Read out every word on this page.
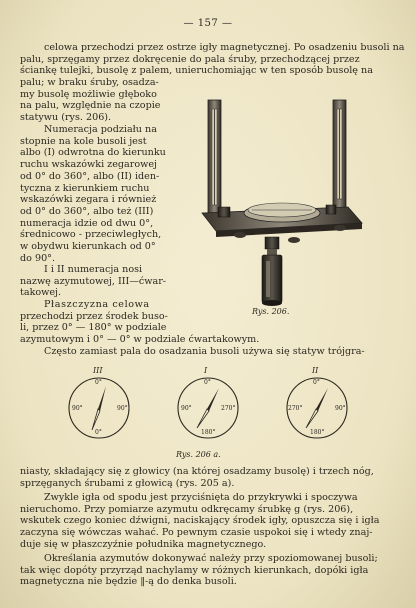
— 157 —

celowa przechodzi przez ostrze igły magnetycznej. Po osadzeniu busoli na

palu, sprzęgamy przez dokręcenie do pala śruby, przechodzącej przez

ściankę tulejki, busolę z palem, unieruchomiając w ten sposób busolę na

palu; w braku śruby, osadza-

my busolę możliwie głęboko

na palu, względnie na czopie

statywu (rys. 206).

Numeracja podziału na

stopnie na kole busoli jest

albo (I) odwrotna do kierunku

ruchu wskazówki zegarowej

od 0° do 360°, albo (II) iden-

tyczna z kierunkiem ruchu

wskazówki zegara i również

od 0° do 360°, albo też (III)

numeracja idzie od dwu 0°,

średnicowo - przeciwległych,

w obydwu kierunkach od 0°

do 90°.

I i II numeracja nosi

nazwę azymutowej, III—ćwar-

takowej.

Płaszczyzna celowa

przechodzi przez środek buso-

li, przez 0° — 180° w podziale

azymutowym i 0° — 0° w podziale ćwartakowym.

Często zamiast pala do osadzania busoli używa się statyw trójgra-
Rys. 206.
III
0°
90°	90°
0°
I
0°
90°	270°
180°
II
0°
270°	90°
180°
Rys. 206 a.

niasty, składający się z głowicy (na której osadzamy busolę) i trzech nóg,

sprzęganych śrubami z głowicą (rys. 205 a).

Zwykle igła od spodu jest przyciśnięta do przykrywki i spoczywa

nieruchomo. Przy pomiarze azymutu odkręcamy śrubkę g (rys. 206),

wskutek czego koniec dźwigni, naciskający środek igły, opuszcza się i igła

zaczyna się wówczas wahać. Po pewnym czasie uspokoi się i wtedy znaj-

duje się w płaszczyźnie południka magnetycznego.

Określania azymutów dokonywać należy przy spoziomowanej busoli;

tak więc dopóty przyrząd nachylamy w różnych kierunkach, dopóki igła

magnetyczna nie będzie ‖-ą do denka busoli.
